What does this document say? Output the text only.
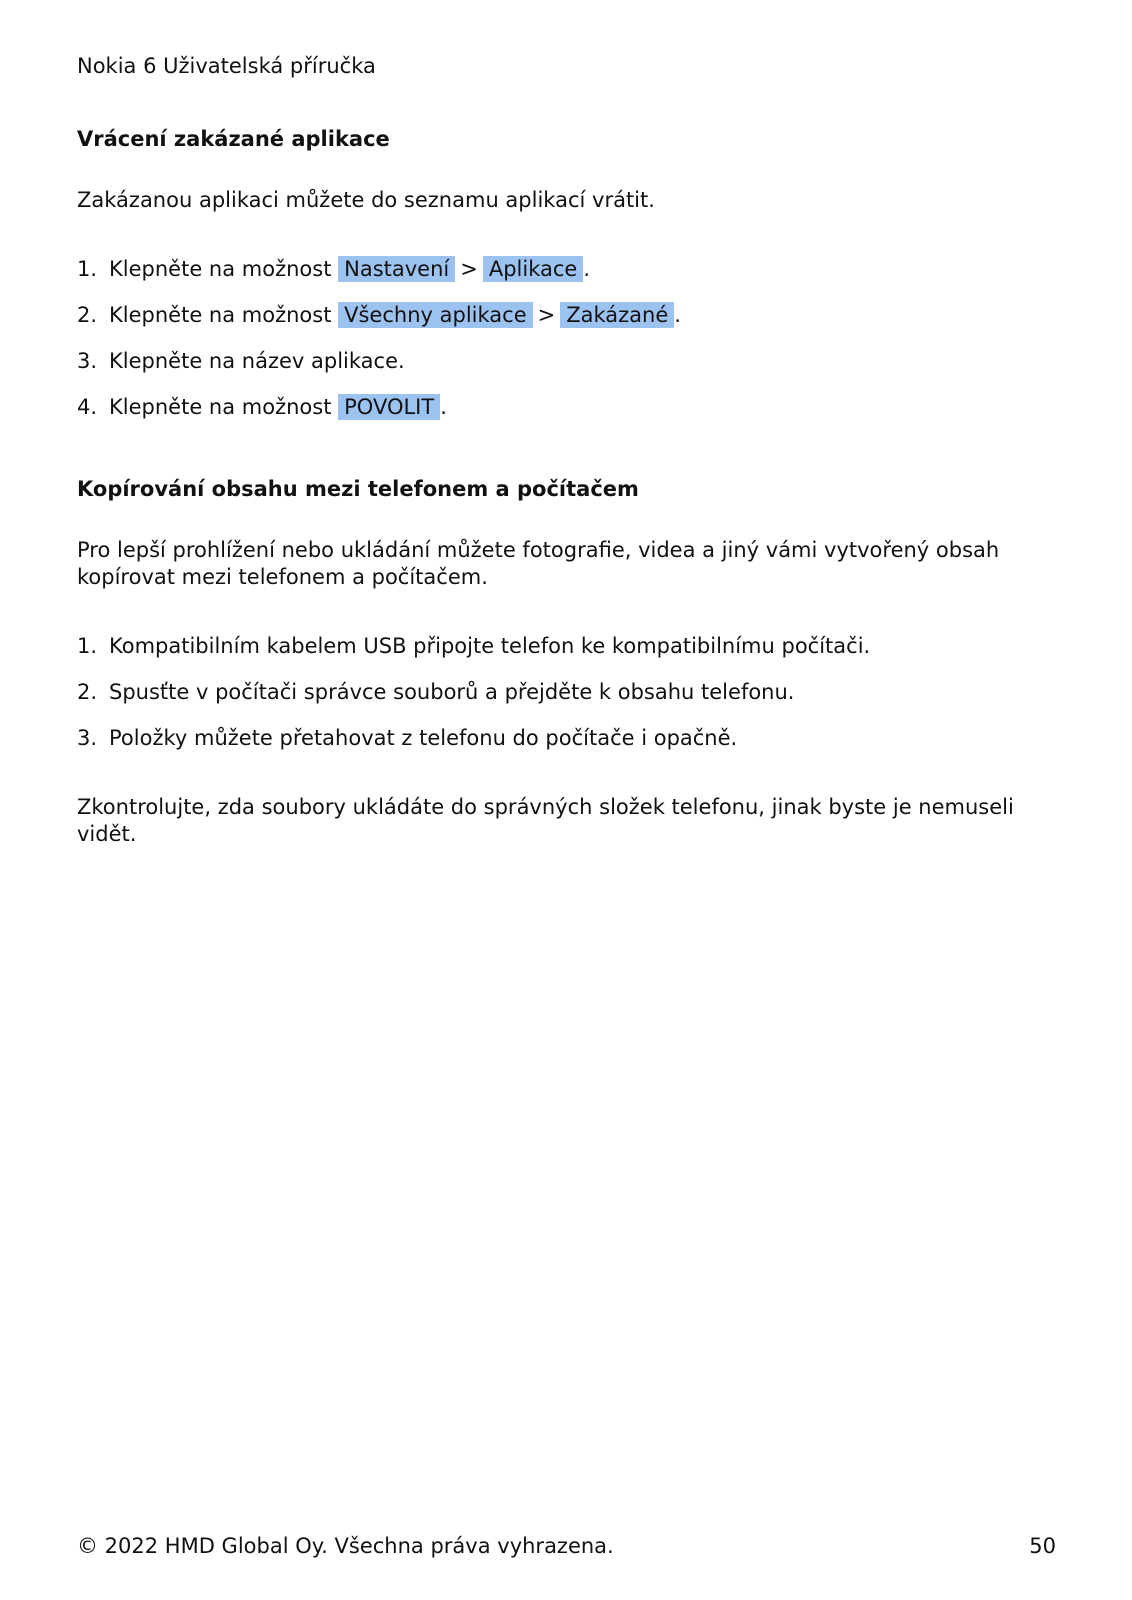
Nokia 6 Uživatelská příručka
Vrácení zakázané aplikace
Zakázanou aplikaci můžete do seznamu aplikací vrátit.
1. Klepněte na možnost Nastavení > Aplikace .
2. Klepněte na možnost Všechny aplikace > Zakázané .
3. Klepněte na název aplikace.
4. Klepněte na možnost POVOLIT .
Kopírování obsahu mezi telefonem a počítačem
Pro lepší prohlížení nebo ukládání můžete fotografie, videa a jiný vámi vytvořený obsah kopírovat mezi telefonem a počítačem.
1. Kompatibilním kabelem USB připojte telefon ke kompatibilnímu počítači.
2. Spusťte v počítači správce souborů a přejděte k obsahu telefonu.
3. Položky můžete přetahovat z telefonu do počítače i opačně.
Zkontrolujte, zda soubory ukládáte do správných složek telefonu, jinak byste je nemuseli vidět.
© 2022 HMD Global Oy. Všechna práva vyhrazena.	50
